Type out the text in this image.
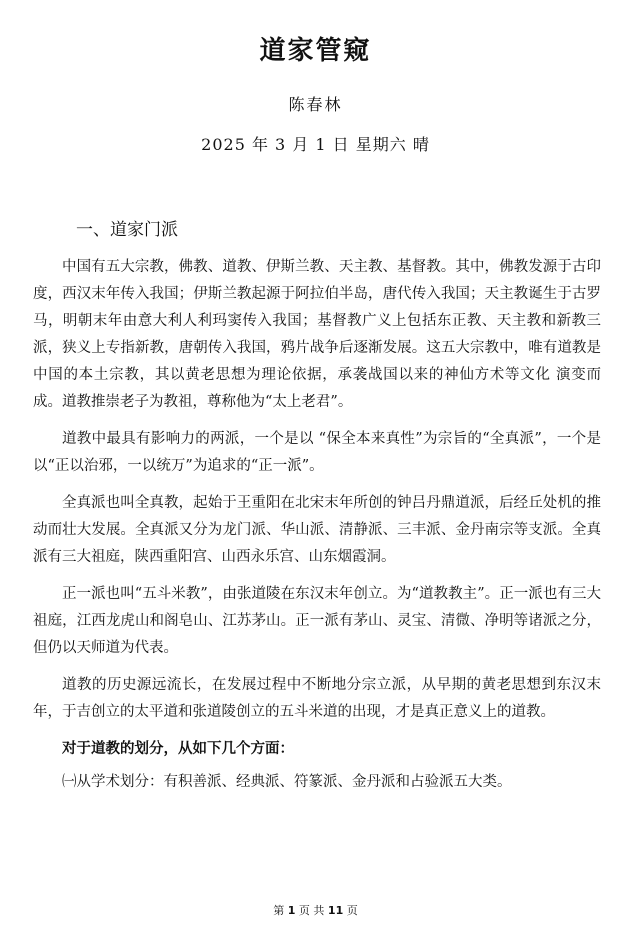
道家管窥
陈春林
2025 年 3 月 1 日 星期六 晴
一、道家门派

中国有五大宗教，佛教、道教、伊斯兰教、天主教、基督教。其中，佛教发源于古印度，西汉末年传入我国；伊斯兰教起源于阿拉伯半岛，唐代传入我国；天主教诞生于古罗马，明朝末年由意大利人利玛窦传入我国；基督教广义上包括东正教、天主教和新教三派，狭义上专指新教，唐朝传入我国，鸦片战争后逐渐发展。这五大宗教中，唯有道教是中国的本土宗教，其以黄老思想为理论依据，承袭战国以来的神仙方术等文化 演变而成。道教推崇老子为教祖，尊称他为“太上老君”。

道教中最具有影响力的两派，一个是以 “保全本来真性”为宗旨的“全真派”，一个是以“正以治邪，一以统万”为追求的“正一派”。

全真派也叫全真教，起始于王重阳在北宋末年所创的钟吕丹鼎道派，后经丘处机的推动而壮大发展。全真派又分为龙门派、华山派、清静派、三丰派、金丹南宗等支派。全真派有三大祖庭，陕西重阳宫、山西永乐宫、山东烟霞洞。

正一派也叫“五斗米教”，由张道陵在东汉末年创立。为“道教教主”。正一派也有三大祖庭，江西龙虎山和阁皂山、江苏茅山。正一派有茅山、灵宝、清微、净明等诸派之分，但仍以天师道为代表。

道教的历史源远流长，在发展过程中不断地分宗立派，从早期的黄老思想到东汉末年，于吉创立的太平道和张道陵创立的五斗米道的出现，才是真正意义上的道教。

对于道教的划分，从如下几个方面：

㈠从学术划分：有积善派、经典派、符篆派、金丹派和占验派五大类。

第 1 页 共 11 页
